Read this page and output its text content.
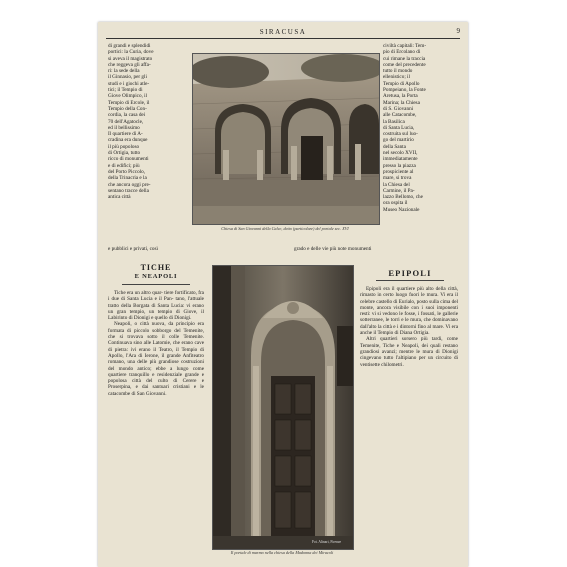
SIRACUSA	9
di grandi e splendidi
portici: la Curia, dove
si aveva il magistrato
che reggeva gli affa-
ri: la sede della
il Ginnasio, per gli
studi e i giochi atle-
tici; il Tempio di
Giove Olimpico, il
Tempio di Ercole, il
Tempio della Con-
cordia, la casa dei
70 dell'Agatocle,
ed il bellissimo
Il quartiere di A-
cradina era dunque
il più popoloso
di Ortigia, tutto
ricco di monumenti
e di edifici; più
del Porto Piccolo,
della Trinacria e la
che ancora oggi pre-
sentano tracce della
antica città
Chiesa di San Giovanni della Calce, detto (particolare) del portale sec. XVI
civiltà capitali: Tem-
pio di Ercolano di
cui rimane la traccia
come del precedente
tutto il mondo
ellenistico; il
Tempio di Apollo
Pompeiano, la Fonte
Aretusa, la Porta
Marina; la Chiesa
di S. Giovanni
alle Catacombe,
la Basilica
di Santa Lucia,
costruita sul luo-
go del martirio
della Santa
nel secolo XVII,
immediatamente
presso la piazza
prospiciente al
mare, si trova
la Chiesa del
Carmine, il Pa-
lazzo Bellomo, che
ora ospita il
Museo Nazionale
e pubblici e privati, così	grado e delle vie più note monumenti
TICHE
E NEAPOLI

Tiche era un altro quar- tiere fortificato, fra i due di Santa Lucia e il Pan- tano, l'attuale tratto della Borgata di Santa Lucia: vi erano un gran tempio, un tempio di Giove, il Labirinto di Dionigi e quello di Dionigi.

Neapoli, o città nuova, da principio era formata di piccolo sobborgo del Temenite, che si trovava sotto il colle Temenite. Continuava sino alle Latomie, che erano cave di pietra: ivi erano il Teatro, il Tempio di Apollo, l'Ara di Ierone, il grande Anfiteatro romano, una delle più grandiose costruzioni del mondo antico; ebbe a lungo come quartiere tranquillo e residenziale grande e popolosa città del culto di Cerere e Proserpina, e dai santuari cristiani e le catacombe di San Giovanni.

Fot. Alinari, Firenze
Il portale di marmo nella chiesa della Madonna dei Miracoli
EPIPOLI

Epipoli era il quartiere più alto della città, rimasto in certo luogo fuori le mura. Vi era il celebre castello di Eurialo, posto sulla cima del monte, ancora visibile con i suoi imponenti resti: vi si vedono le fosse, i fossati, le gallerie sotterranee, le torri e le mura, che dominavano dall'alto la città e i dintorni fino al mare. Vi era anche il Tempio di Diana Ortigia.

Altri quartieri sorsero più tardi, come Temenite, Tiche e Neapoli, dei quali restano grandiosi avanzi; mentre le mura di Dionigi cingevano tutto l'altipiano per un circuito di ventisette chilometri.
